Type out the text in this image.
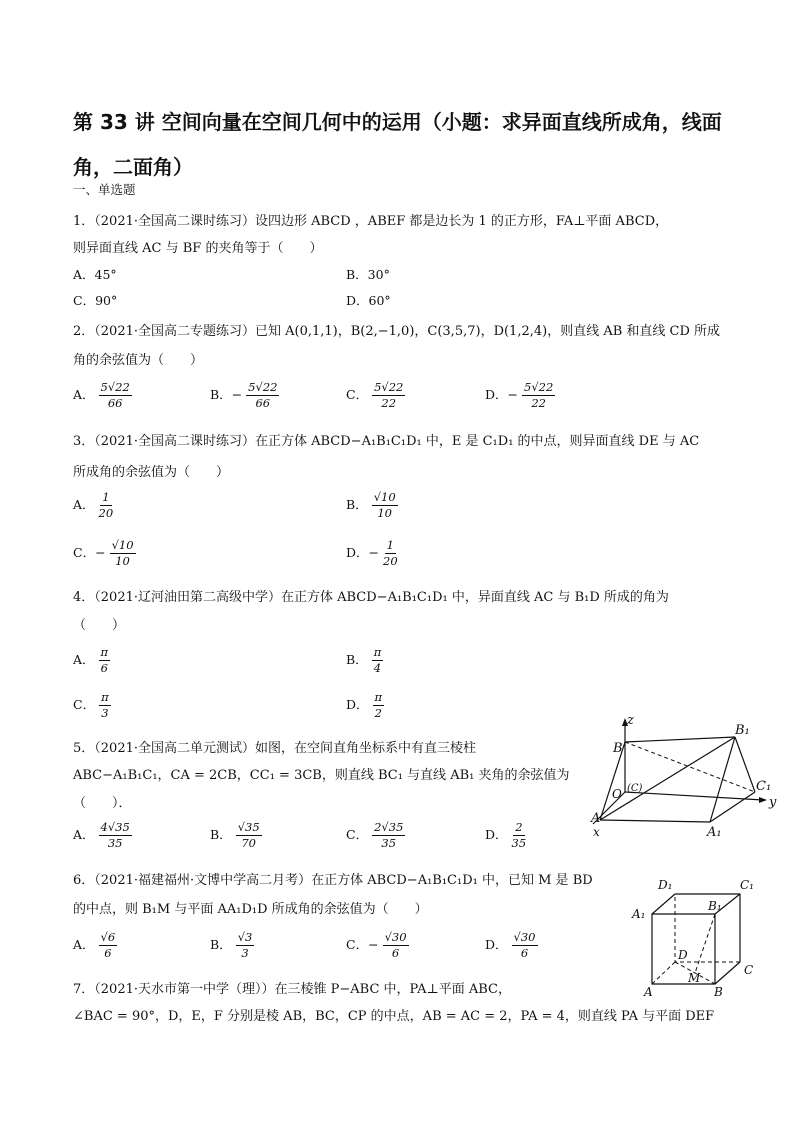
第 33 讲 空间向量在空间几何中的运用（小题：求异面直线所成角，线面角，二面角）
一、单选题
1．（2021·全国高二课时练习）设四边形 ABCD ，ABEF 都是边长为 1 的正方形，FA⊥平面 ABCD，
则异面直线 AC 与 BF 的夹角等于（　　）
A．45°	B．30°
C．90°	D．60°
2．（2021·全国高二专题练习）已知 A(0,1,1)，B(2,−1,0)，C(3,5,7)，D(1,2,4)，则直线 AB 和直线 CD 所成
角的余弦值为（　　）
A． $\frac{5√22}{66}$	B．− $\frac{5√22}{66}$	C． $\frac{5√22}{22}$	D．− $\frac{5√22}{22}$
3．（2021·全国高二课时练习）在正方体 ABCD−A₁B₁C₁D₁ 中，E 是 C₁D₁ 的中点，则异面直线 DE 与 AC
所成角的余弦值为（　　）
A． $\frac{1}{20}$	B． $\frac{√10}{10}$
C．− $\frac{√10}{10}$	D．− $\frac{1}{20}$
4．（2021·辽河油田第二高级中学）在正方体 ABCD−A₁B₁C₁D₁ 中，异面直线 AC 与 B₁D 所成的角为
（　　）
A． $\frac{\pi}{6}$	B． $\frac{\pi}{4}$
C． $\frac{\pi}{3}$	D． $\frac{\pi}{2}$
5．（2021·全国高二单元测试）如图，在空间直角坐标系中有直三棱柱
ABC−A₁B₁C₁，CA = 2CB，CC₁ = 3CB，则直线 BC₁ 与直线 AB₁ 夹角的余弦值为
（　　）．
A． $\frac{4√35}{35}$	B． $\frac{√35}{70}$	C． $\frac{2√35}{35}$	D． $\frac{2}{35}$
z
y
x
B
B₁
O (C)	C₁
A
A₁
6．（2021·福建福州·文博中学高二月考）在正方体 ABCD−A₁B₁C₁D₁ 中，已知 M 是 BD
的中点，则 B₁M 与平面 AA₁D₁D 所成角的余弦值为（　　）
A． $\frac{√6}{6}$	B． $\frac{√3}{3}$	C．− $\frac{√30}{6}$	D． $\frac{√30}{6}$
D₁	C₁
A₁
B₁
D
C
M
A	B
7．（2021·天水市第一中学（理））在三棱锥 P−ABC 中，PA⊥平面 ABC，
∠BAC = 90°，D，E，F 分别是棱 AB，BC，CP 的中点，AB = AC = 2，PA = 4，则直线 PA 与平面 DEF
